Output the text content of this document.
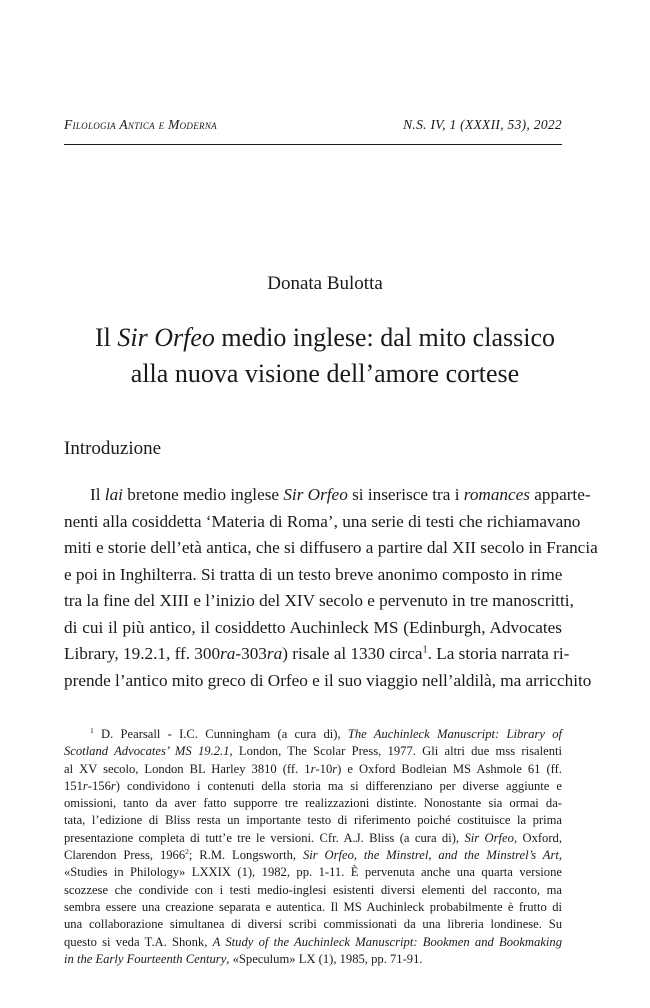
Filologia Antica e Moderna	N.S. IV, 1 (XXXII, 53), 2022
Donata Bulotta
Il Sir Orfeo medio inglese: dal mito classico
alla nuova visione dell’amore cortese
Introduzione
Il lai bretone medio inglese Sir Orfeo si inserisce tra i romances apparte-
nenti alla cosiddetta ‘Materia di Roma’, una serie di testi che richiamavano
miti e storie dell’età antica, che si diffusero a partire dal XII secolo in Francia
e poi in Inghilterra. Si tratta di un testo breve anonimo composto in rime
tra la fine del XIII e l’inizio del XIV secolo e pervenuto in tre manoscritti,
di cui il più antico, il cosiddetto Auchinleck MS (Edinburgh, Advocates
Library, 19.2.1, ff. 300ra-303ra) risale al 1330 circa$^1$. La storia narrata ri-
prende l’antico mito greco di Orfeo e il suo viaggio nell’aldilà, ma arricchito
$^1$ D. Pearsall - I.C. Cunningham (a cura di), The Auchinleck Manuscript: Library of
Scotland Advocates’ MS 19.2.1, London, The Scolar Press, 1977. Gli altri due mss risalenti
al XV secolo, London BL Harley 3810 (ff. 1r-10r) e Oxford Bodleian MS Ashmole 61 (ff.
151r-156r) condividono i contenuti della storia ma si differenziano per diverse aggiunte e
omissioni, tanto da aver fatto supporre tre realizzazioni distinte. Nonostante sia ormai da-
tata, l’edizione di Bliss resta un importante testo di riferimento poiché costituisce la prima
presentazione completa di tutt’e tre le versioni. Cfr. A.J. Bliss (a cura di), Sir Orfeo, Oxford,
Clarendon Press, 1966$^2$; R.M. Longsworth, Sir Orfeo, the Minstrel, and the Minstrel’s Art,
«Studies in Philology» LXXIX (1), 1982, pp. 1-11. È pervenuta anche una quarta versione
scozzese che condivide con i testi medio-inglesi esistenti diversi elementi del racconto, ma
sembra essere una creazione separata e autentica. Il MS Auchinleck probabilmente è frutto di
una collaborazione simultanea di diversi scribi commissionati da una libreria londinese. Su
questo si veda T.A. Shonk, A Study of the Auchinleck Manuscript: Bookmen and Bookmaking
in the Early Fourteenth Century, «Speculum» LX (1), 1985, pp. 71-91.
